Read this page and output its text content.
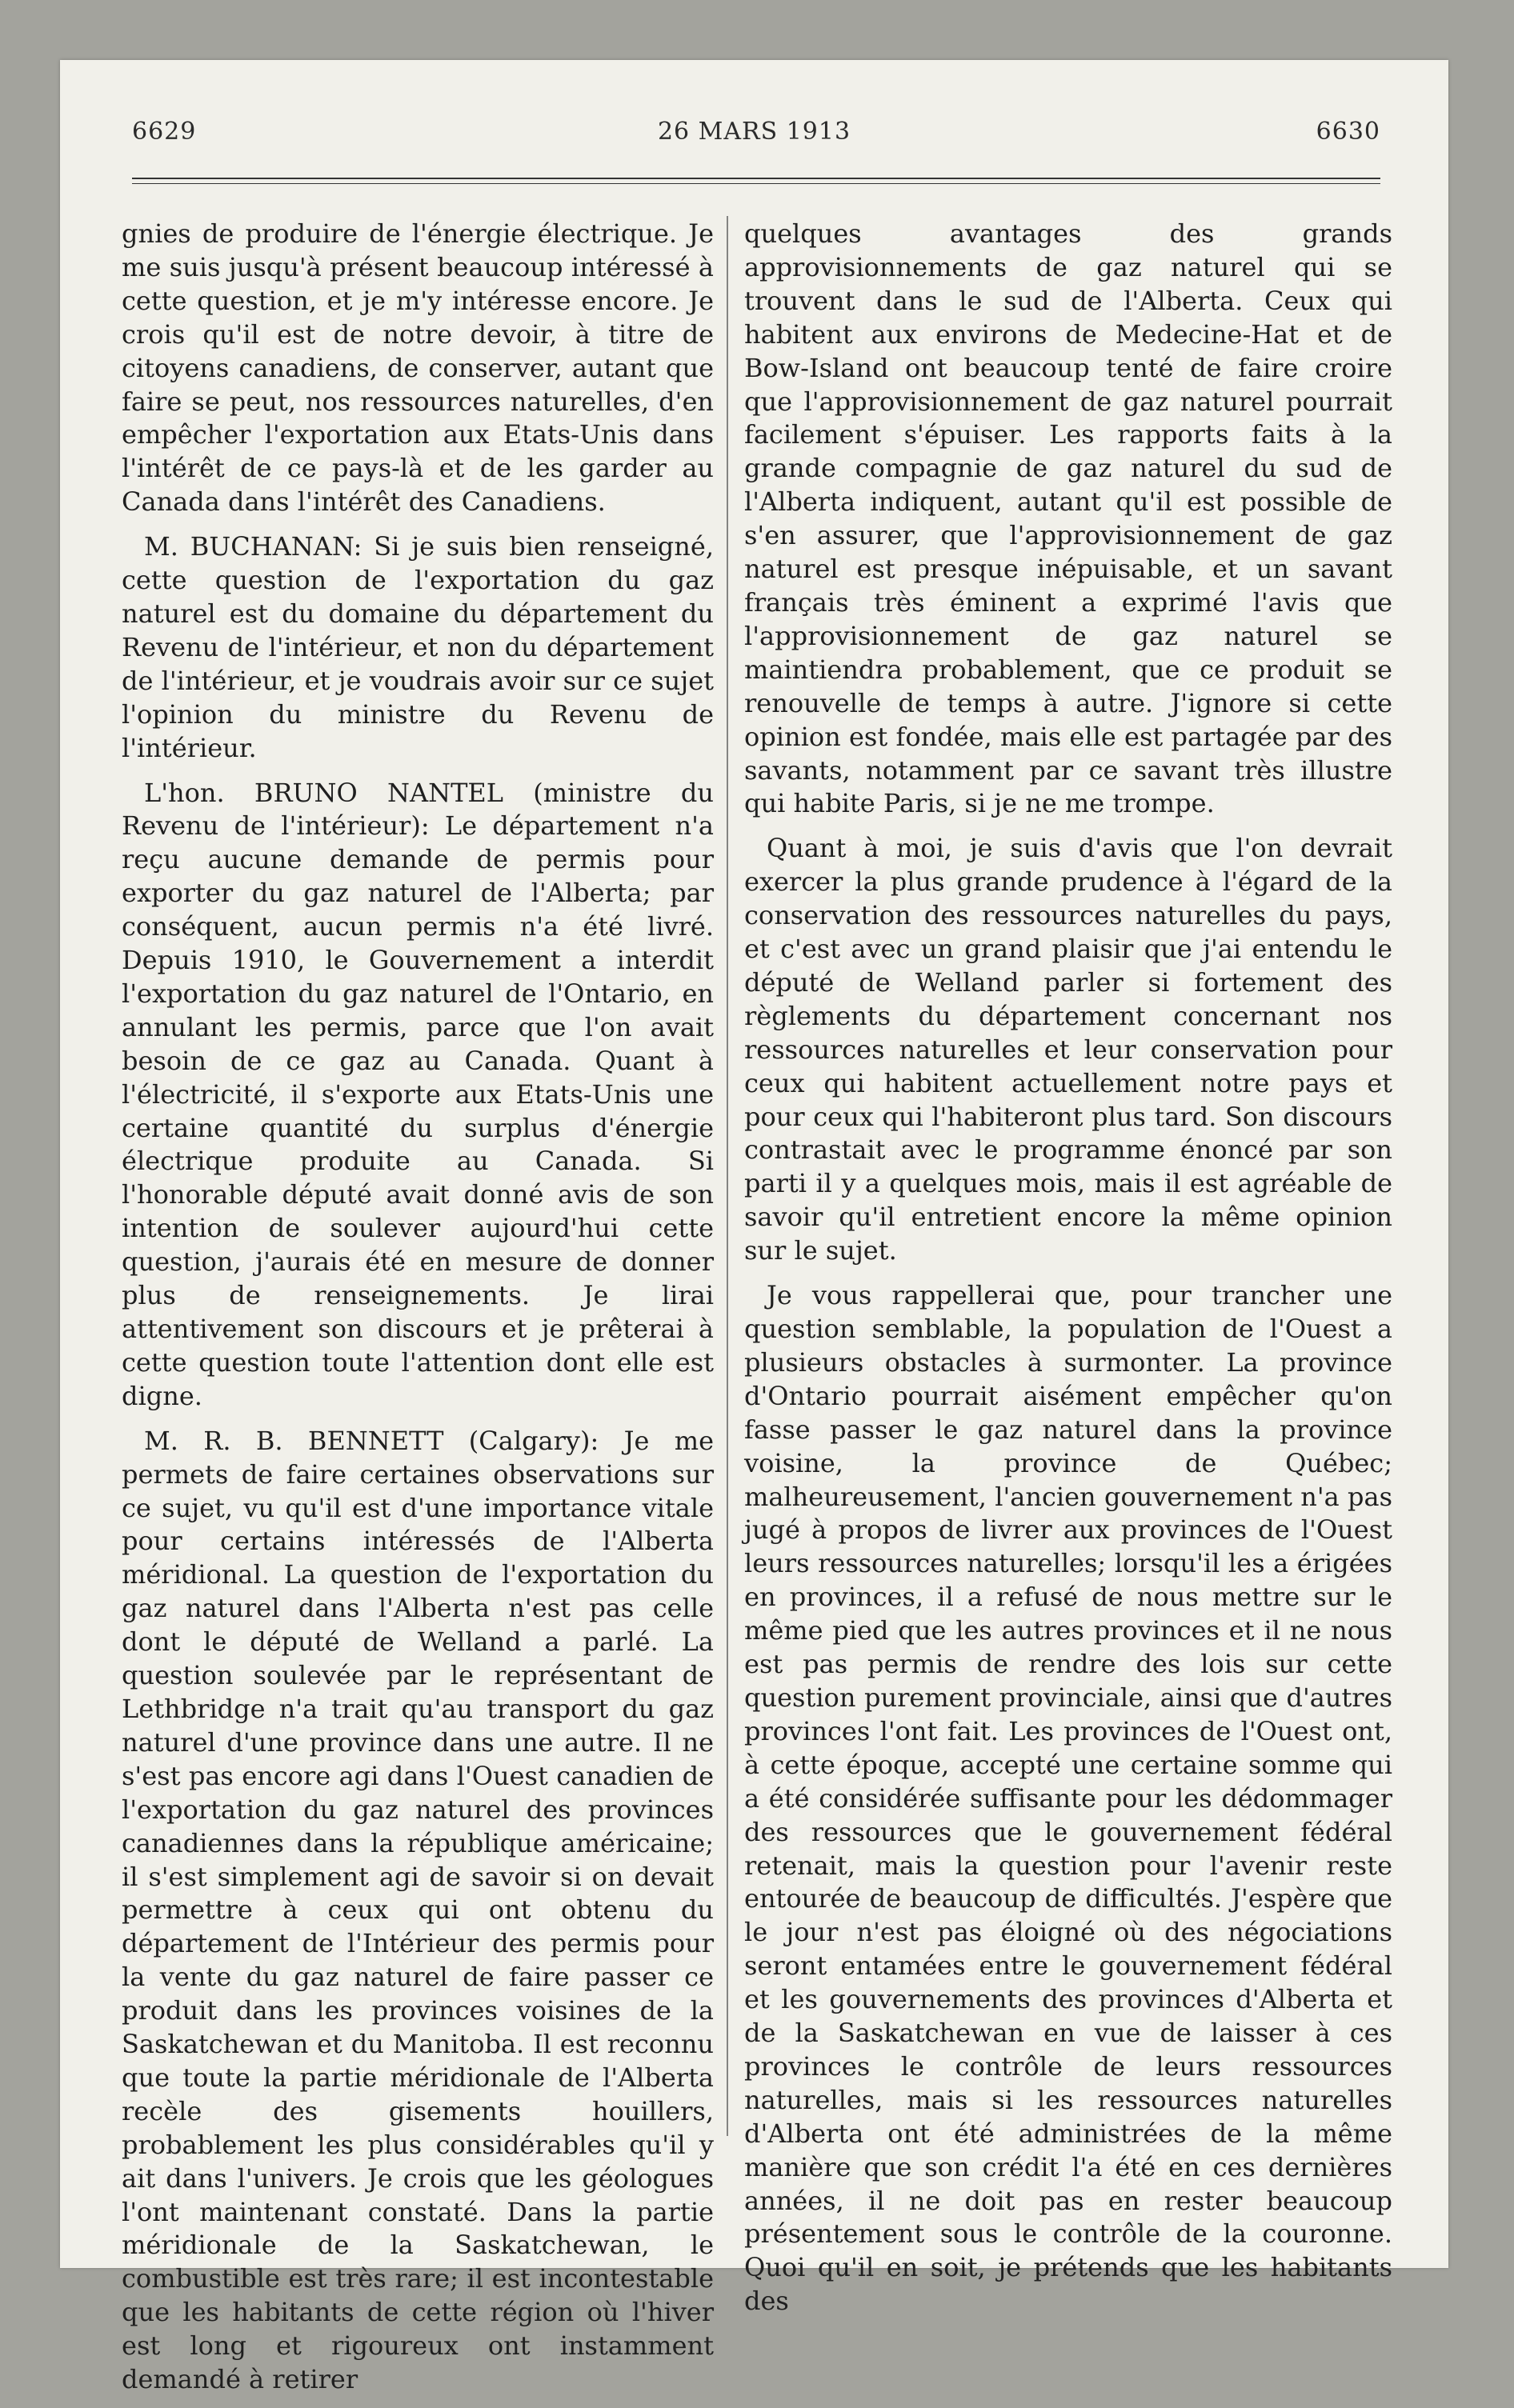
6629	26 MARS 1913	6630

gnies de produire de l'énergie électrique. Je me suis jusqu'à présent beaucoup intéressé à cette question, et je m'y intéresse encore. Je crois qu'il est de notre devoir, à titre de citoyens canadiens, de conserver, autant que faire se peut, nos ressources naturelles, d'en empêcher l'exportation aux Etats-Unis dans l'intérêt de ce pays-là et de les garder au Canada dans l'intérêt des Canadiens.

M. BUCHANAN: Si je suis bien renseigné, cette question de l'exportation du gaz naturel est du domaine du département du Revenu de l'intérieur, et non du département de l'intérieur, et je voudrais avoir sur ce sujet l'opinion du ministre du Revenu de l'intérieur.

L'hon. BRUNO NANTEL (ministre du Revenu de l'intérieur): Le département n'a reçu aucune demande de permis pour exporter du gaz naturel de l'Alberta; par conséquent, aucun permis n'a été livré. Depuis 1910, le Gouvernement a interdit l'exportation du gaz naturel de l'Ontario, en annulant les permis, parce que l'on avait besoin de ce gaz au Canada. Quant à l'électricité, il s'exporte aux Etats-Unis une certaine quantité du surplus d'énergie électrique produite au Canada. Si l'honorable député avait donné avis de son intention de soulever aujourd'hui cette question, j'aurais été en mesure de donner plus de renseignements. Je lirai attentivement son discours et je prêterai à cette question toute l'attention dont elle est digne.

M. R. B. BENNETT (Calgary): Je me permets de faire certaines observations sur ce sujet, vu qu'il est d'une importance vitale pour certains intéressés de l'Alberta méridional. La question de l'exportation du gaz naturel dans l'Alberta n'est pas celle dont le député de Welland a parlé. La question soulevée par le représentant de Lethbridge n'a trait qu'au transport du gaz naturel d'une province dans une autre. Il ne s'est pas encore agi dans l'Ouest canadien de l'exportation du gaz naturel des provinces canadiennes dans la république américaine; il s'est simplement agi de savoir si on devait permettre à ceux qui ont obtenu du département de l'Intérieur des permis pour la vente du gaz naturel de faire passer ce produit dans les provinces voisines de la Saskatchewan et du Manitoba. Il est reconnu que toute la partie méridionale de l'Alberta recèle des gisements houillers, probablement les plus considérables qu'il y ait dans l'univers. Je crois que les géologues l'ont maintenant constaté. Dans la partie méridionale de la Saskatchewan, le combustible est très rare; il est incontestable que les habitants de cette région où l'hiver est long et rigoureux ont instamment demandé à retirer

quelques avantages des grands approvisionnements de gaz naturel qui se trouvent dans le sud de l'Alberta. Ceux qui habitent aux environs de Medecine-Hat et de Bow-Island ont beaucoup tenté de faire croire que l'approvisionnement de gaz naturel pourrait facilement s'épuiser. Les rapports faits à la grande compagnie de gaz naturel du sud de l'Alberta indiquent, autant qu'il est possible de s'en assurer, que l'approvisionnement de gaz naturel est presque inépuisable, et un savant français très éminent a exprimé l'avis que l'approvisionnement de gaz naturel se maintiendra probablement, que ce produit se renouvelle de temps à autre. J'ignore si cette opinion est fondée, mais elle est partagée par des savants, notamment par ce savant très illustre qui habite Paris, si je ne me trompe.

Quant à moi, je suis d'avis que l'on devrait exercer la plus grande prudence à l'égard de la conservation des ressources naturelles du pays, et c'est avec un grand plaisir que j'ai entendu le député de Welland parler si fortement des règlements du département concernant nos ressources naturelles et leur conservation pour ceux qui habitent actuellement notre pays et pour ceux qui l'habiteront plus tard. Son discours contrastait avec le programme énoncé par son parti il y a quelques mois, mais il est agréable de savoir qu'il entretient encore la même opinion sur le sujet.

Je vous rappellerai que, pour trancher une question semblable, la population de l'Ouest a plusieurs obstacles à surmonter. La province d'Ontario pourrait aisément empêcher qu'on fasse passer le gaz naturel dans la province voisine, la province de Québec; malheureusement, l'ancien gouvernement n'a pas jugé à propos de livrer aux provinces de l'Ouest leurs ressources naturelles; lorsqu'il les a érigées en provinces, il a refusé de nous mettre sur le même pied que les autres provinces et il ne nous est pas permis de rendre des lois sur cette question purement provinciale, ainsi que d'autres provinces l'ont fait. Les provinces de l'Ouest ont, à cette époque, accepté une certaine somme qui a été considérée suffisante pour les dédommager des ressources que le gouvernement fédéral retenait, mais la question pour l'avenir reste entourée de beaucoup de difficultés. J'espère que le jour n'est pas éloigné où des négociations seront entamées entre le gouvernement fédéral et les gouvernements des provinces d'Alberta et de la Saskatchewan en vue de laisser à ces provinces le contrôle de leurs ressources naturelles, mais si les ressources naturelles d'Alberta ont été administrées de la même manière que son crédit l'a été en ces dernières années, il ne doit pas en rester beaucoup présentement sous le contrôle de la couronne. Quoi qu'il en soit, je prétends que les habitants des
